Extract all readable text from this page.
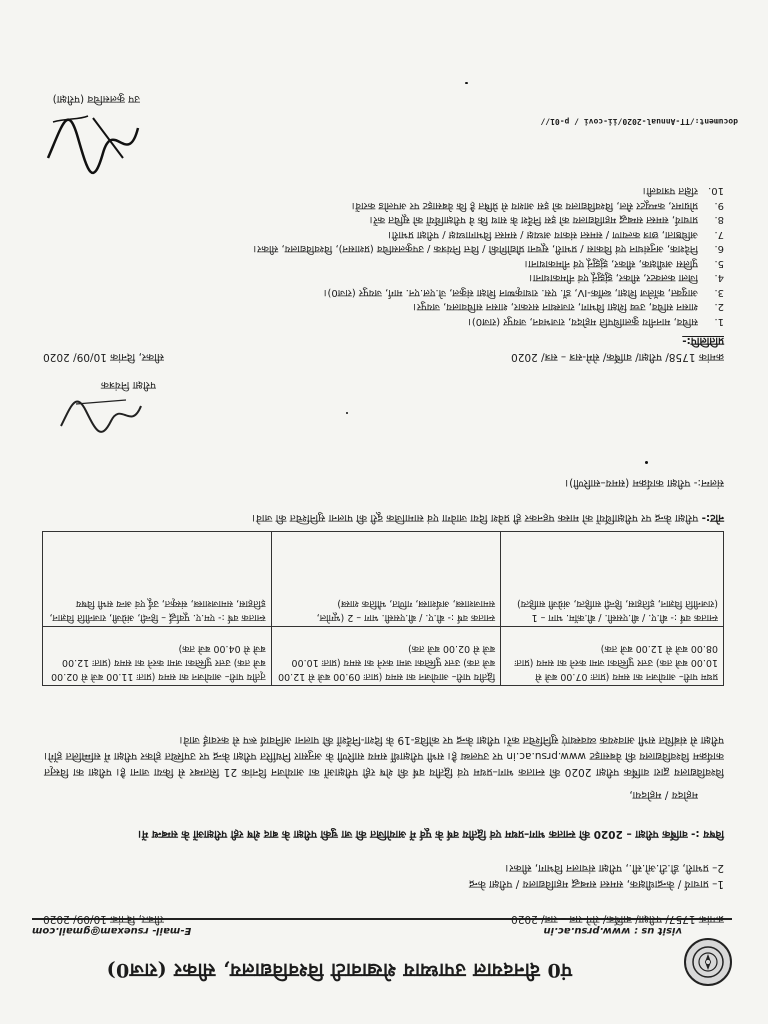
पं0 दीनदयाल उपाध्याय शेखावाटी विश्वविद्यालय, सीकर (राज0)
visit us : www.prsu.ac.in
E-mail- rsuexam@gmail.com
क्रमांक 1757/ परीक्षा/ वार्षिक/ सेमे-सत्र – सत्र/ 2020
सीकर, दिनांक 10/09/ 2020
1– प्राचार्य / केन्द्राधीक्षक, समस्त सम्बद्ध महाविद्यालय / परीक्षा केन्द्र
2– प्रभारी, डी.टी.ओ.सी., परीक्षा संचालन विभाग, सीकर।
विषय :- वार्षिक परीक्षा – 2020 की स्नातक भाग–प्रथम एवं द्वितीय वर्ष के पूर्व में आयोजित की जा चुकी परीक्षा के बाद शेष रही परीक्षाओं के सम्बन्ध में।
महोदय / महोदया,
विश्वविद्यालय द्वारा वार्षिक परीक्षा 2020 की स्नातक भाग–प्रथम एवं द्वितीय वर्ष की शेष रही परीक्षाओं का आयोजन दिनांक 21 सितम्बर से किया जाना है। परीक्षा का विस्तृत कार्यक्रम विश्वविद्यालय की वेबसाइट www.prsu.ac.in पर उपलब्ध है। सभी परीक्षार्थी समय सारिणी के अनुसार निर्धारित परीक्षा केन्द्र पर उपस्थित होकर परीक्षा में सम्मिलित होंगे। परीक्षा से संबंधित सभी आवश्यक व्यवस्थाएं सुनिश्चित करें। परीक्षा केन्द्र पर कोविड-19 के दिशा-निर्देशों की पालना अनिवार्य रूप से करवाई जावे।
प्रथम पारी– आयोजन का समय (प्रातः 07.00 बजे से 10.00 बजे तक) उत्तर पुस्तिका जमा करने का समय (प्रातः 08.00 बजे से 12.00 बजे तक)	द्वितीय पारी– आयोजन का समय (प्रातः 09.00 बजे से 12.00 बजे तक) उत्तर पुस्तिका जमा करने का समय (प्रातः 10.00 बजे से 02.00 बजे तक)	तृतीय पारी– आयोजन का समय (प्रातः 11.00 बजे से 02.00 बजे तक) उत्तर पुस्तिका जमा करने का समय (प्रातः 12.00 बजे से 04.00 बजे तक)
स्नातक वर्ष :- बी.ए. / बी.एससी. / बी.कॉम. भाग – 1 (राजनीति विज्ञान, इतिहास, हिन्दी साहित्य, अंग्रेजी साहित्य)	स्नातक वर्ष :- बी.ए. / बी.एससी. भाग – 2 (भूगोल, समाजशास्त्र, अर्थशास्त्र, गणित, भौतिक शास्त्र)	स्नातक वर्ष :- एम.ए. पूर्वार्द्ध – हिन्दी, अंग्रेजी, राजनीति विज्ञान, इतिहास, समाजशास्त्र, संस्कृत, उर्दू एवं अन्य सभी विषय
नोट:- परीक्षा केन्द्र पर परीक्षार्थियों को मास्क पहनकर ही प्रवेश दिया जावेगा एवं सामाजिक दूरी की पालना सुनिश्चित की जावे।
संलग्न:- परीक्षा कार्यक्रम (समय–सारिणी)।
परीक्षा नियंत्रक
क्रमांक 1758/ परीक्षा/ वार्षिक/ सेमे-सत्र – सत्र/ 2020
सीकर, दिनांक 10/09/ 2020
प्रतिलिपि:-
1.
सचिव, माननीय कुलाधिपति महोदय, राजभवन, जयपुर (राज0)।
2.
शासन सचिव, उच्च शिक्षा विभाग, राजस्थान सरकार, शासन सचिवालय, जयपुर।
3.
आयुक्त, कॉलेज शिक्षा, ब्लॉक-IV, डॉ. एस. राधाकृष्णन शिक्षा संकुल, जे.एल.एन. मार्ग, जयपुर (राज0)।
4.
जिला कलक्टर, सीकर, झुंझुनूं एवं नीमकाथाना।
5.
पुलिस अधीक्षक, सीकर, झुंझुनूं एवं नीमकाथाना।
6.
निदेशक, अनुसंधान एवं विकास / प्रभारी, सूचना प्रौद्योगिकी / वित्त नियंत्रक / उपकुलसचिव (प्रशासन), विश्वविद्यालय, सीकर।
7.
अधिष्ठाता, छात्र कल्याण / समस्त संकाय अध्यक्ष / समस्त विभागाध्यक्ष / परीक्षा प्रभारी।
8.
प्राचार्य, समस्त सम्बद्ध महाविद्यालय को इस निर्देश के साथ कि वे परीक्षार्थियों को सूचित करें।
9.
प्रोग्रामर, कम्प्यूटर सैल, विश्वविद्यालय को इस आशय से प्रेषित है कि वेबसाइट पर अपलोड करावें।
10.
रक्षित पत्रावली।
उप कुलसचिव (परीक्षा)
document:/TT-Annual-2020/ii-covi / p-01//
